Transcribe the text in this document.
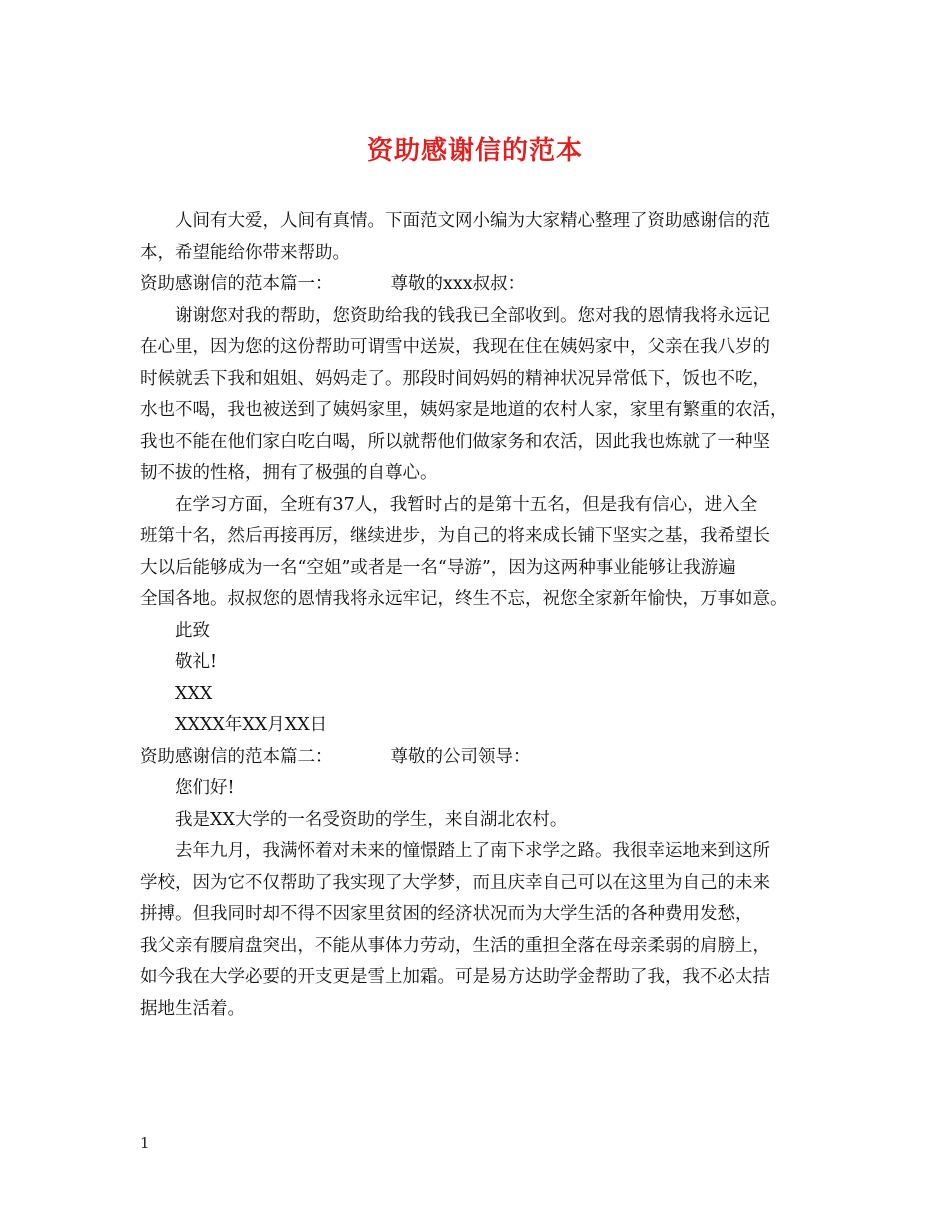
资助感谢信的范本

人间有大爱，人间有真情。下面范文网小编为大家精心整理了资助感谢信的范
本，希望能给你带来帮助。

资助感谢信的范本篇一：	尊敬的xxx叔叔：

谢谢您对我的帮助，您资助给我的钱我已全部收到。您对我的恩情我将永远记
在心里，因为您的这份帮助可谓雪中送炭，我现在住在姨妈家中，父亲在我八岁的
时候就丢下我和姐姐、妈妈走了。那段时间妈妈的精神状况异常低下，饭也不吃，
水也不喝，我也被送到了姨妈家里，姨妈家是地道的农村人家，家里有繁重的农活，
我也不能在他们家白吃白喝，所以就帮他们做家务和农活，因此我也炼就了一种坚
韧不拔的性格，拥有了极强的自尊心。

在学习方面，全班有37人，我暂时占的是第十五名，但是我有信心，进入全
班第十名，然后再接再厉，继续进步，为自己的将来成长铺下坚实之基，我希望长
大以后能够成为一名“空姐”或者是一名“导游”，因为这两种事业能够让我游遍
全国各地。叔叔您的恩情我将永远牢记，终生不忘，祝您全家新年愉快，万事如意。

此致

敬礼!

XXX

XXXX年XX月XX日

资助感谢信的范本篇二：	尊敬的公司领导：

您们好!

我是XX大学的一名受资助的学生，来自湖北农村。

去年九月，我满怀着对未来的憧憬踏上了南下求学之路。我很幸运地来到这所
学校，因为它不仅帮助了我实现了大学梦，而且庆幸自己可以在这里为自己的未来
拼搏。但我同时却不得不因家里贫困的经济状况而为大学生活的各种费用发愁，
我父亲有腰肩盘突出，不能从事体力劳动，生活的重担全落在母亲柔弱的肩膀上，
如今我在大学必要的开支更是雪上加霜。可是易方达助学金帮助了我，我不必太拮
据地生活着。

1
